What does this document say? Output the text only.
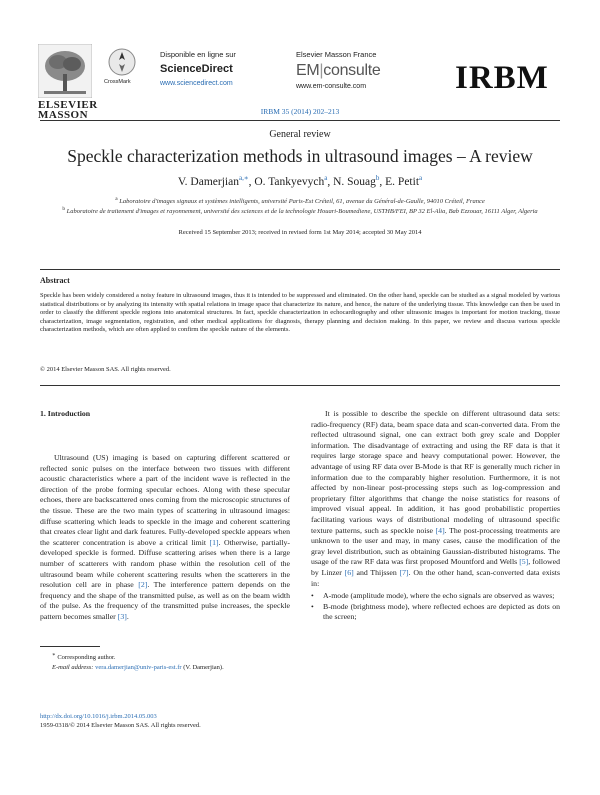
ELSEVIER
MASSON
CrossMark
Disponible en ligne sur
ScienceDirect
www.sciencedirect.com
Elsevier Masson France
EM|consulte
www.em-consulte.com	IRBM
IRBM 35 (2014) 202–213
General review
Speckle characterization methods in ultrasound images – A review
V. Damerjian$^{a,∗}$, O. Tankyevych$^a$, N. Souag$^b$, E. Petit$^a$
$^a$ Laboratoire d'images signaux et systèmes intelligents, université Paris-Est Créteil, 61, avenue du Général-de-Gaulle, 94010 Créteil, France
$^b$ Laboratoire de traitement d'images et rayonnement, université des sciences et de la technologie Houari-Boumediene, USTHB/FEI, BP 32 El-Alia, Bab Ezzouar, 16111 Alger, Algeria
Received 15 September 2013; received in revised form 1st May 2014; accepted 30 May 2014
Abstract
Speckle has been widely considered a noisy feature in ultrasound images, thus it is intended to be suppressed and eliminated. On the other hand, speckle can be studied as a signal modeled by various statistical distributions or by analyzing its intensity with spatial relations in image space that characterize its nature, and hence, the nature of the underlying tissue. This knowledge can then be used in order to classify the different speckle regions into anatomical structures. In fact, speckle characterization in echocardiography and other ultrasonic images is important for motion tracking, tissue characterization, image segmentation, registration, and other medical applications for diagnosis, therapy planning and decision making. In this paper, we review and discuss various speckle characterization methods, which are often applied to confirm the speckle nature of the elements.
© 2014 Elsevier Masson SAS. All rights reserved.
1. Introduction

Ultrasound (US) imaging is based on capturing different scattered or reflected sonic pulses on the interface between two tissues with different acoustic characteristics where a part of the incident wave is reflected in the direction of the probe forming specular echoes. Along with these specular echoes, there are backscattered ones coming from the microscopic structures of the tissue. These are the two main types of scattering in ultrasound images: diffuse scattering which leads to speckle in the image and coherent scattering that creates clear light and dark features. Fully-developed speckle appears when the scatterer concentration is above a critical limit [1]. Otherwise, partially-developed speckle is formed. Diffuse scattering arises when there is a large number of scatterers with random phase within the resolution cell of the ultrasound beam while coherent scattering results when the scatterers in the resolution cell are in phase [2]. The interference pattern depends on the frequency and the shape of the transmitted pulse, as well as on the beam width of the pulse. As the frequency of the transmitted pulse increases, the speckle pattern becomes smaller [3].

It is possible to describe the speckle on different ultrasound data sets: radio-frequency (RF) data, beam space data and scan-converted data. From the reflected ultrasound signal, one can extract both grey scale and Doppler information. The disadvantage of extracting and using the RF data is that it requires large storage space and heavy computational power. However, the advantage of using RF data over B-Mode is that RF is generally much richer in information due to the comparably higher resolution. Furthermore, it is not affected by non-linear post-processing steps such as log-compression and proprietary filter algorithms that change the noise statistics for reasons of improved visual appeal. In addition, it has good probabilistic properties facilitating various ways of distributional modeling of ultrasound specific texture patterns, such as speckle noise [4]. The post-processing treatments are unknown to the user and may, in many cases, cause the modification of the gray level distribution, such as obtaining Gaussian-distributed histograms. The usage of the raw RF data was first proposed Mountford and Wells [5], followed by Linzer [6] and Thijssen [7]. On the other hand, scan-converted data exists in:

• A-mode (amplitude mode), where the echo signals are observed as waves;
• B-mode (brightness mode), where reflected echoes are depicted as dots on the screen;
∗ Corresponding author.
E-mail address: vera.damerjian@univ-paris-est.fr (V. Damerjian).
http://dx.doi.org/10.1016/j.irbm.2014.05.003
1959-0318/© 2014 Elsevier Masson SAS. All rights reserved.
